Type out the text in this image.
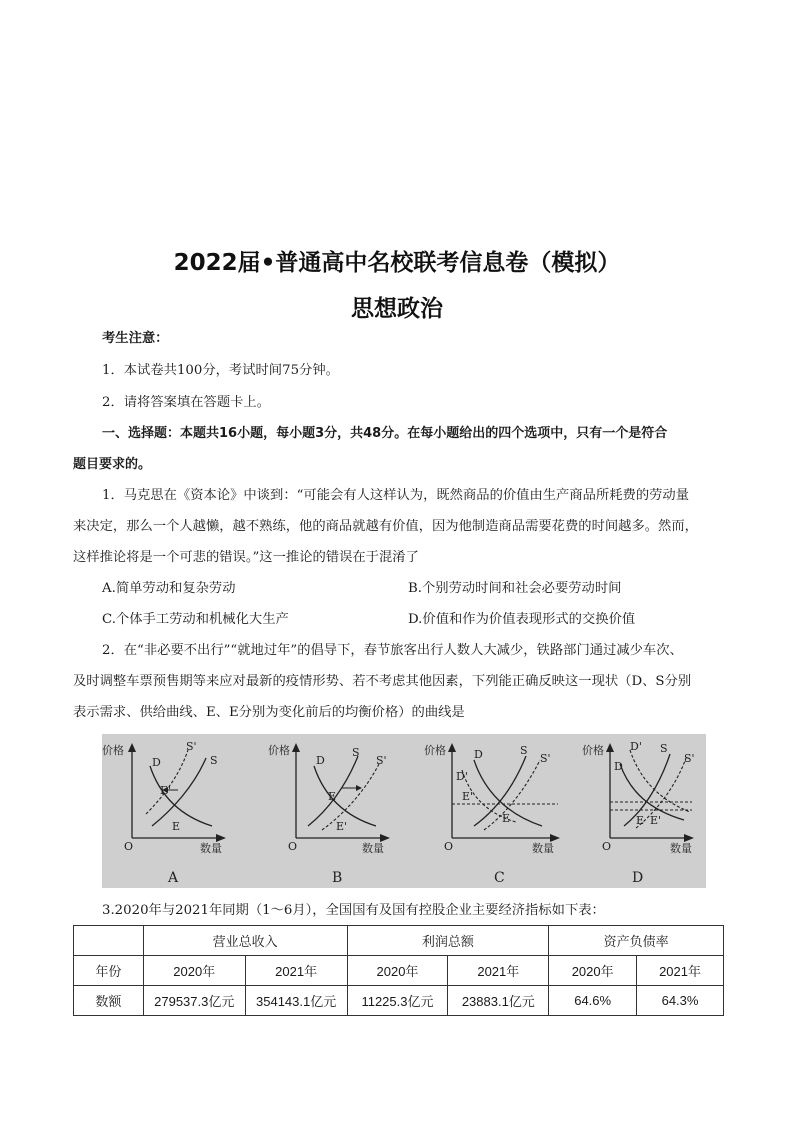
2022届•普通高中名校联考信息卷（模拟）
思想政治
考生注意：
1．本试卷共100分，考试时间75分钟。
2．请将答案填在答题卡上。
一、选择题：本题共16小题，每小题3分，共48分。在每小题给出的四个选项中，只有一个是符合
题目要求的。
1．马克思在《资本论》中谈到：“可能会有人这样认为，既然商品的价值由生产商品所耗费的劳动量
来决定，那么一个人越懒，越不熟练，他的商品就越有价值，因为他制造商品需要花费的时间越多。然而，
这样推论将是一个可悲的错误。”这一推论的错误在于混淆了
A.简单劳动和复杂劳动	B.个别劳动时间和社会必要劳动时间
C.个体手工劳动和机械化大生产	D.价值和作为价值表现形式的交换价值
2．在“非必要不出行”“就地过年”的倡导下，春节旅客出行人数人大减少，铁路部门通过减少车次、
及时调整车票预售期等来应对最新的疫情形势、若不考虑其他因素，下列能正确反映这一现状（D、S分别
表示需求、供给曲线、E、E分别为变化前后的均衡价格）的曲线是
价格
O	数量
D	S
S'
E'
E
A
价格
O	数量
D
S
S'
E
E'
B
价格
O	数量
D
D'
S
S'
E'
E
C
价格
O	数量
D'
D
S
S'
E E'
D
3.2020年与2021年同期（1～6月），全国国有及国有控股企业主要经济指标如下表：
	营业总收入		利润总额		资产负债率	
年份	2020年	2021年	2020年	2021年	2020年	2021年
数额	279537.3亿元	354143.1亿元	11225.3亿元	23883.1亿元	64.6%	64.3%
